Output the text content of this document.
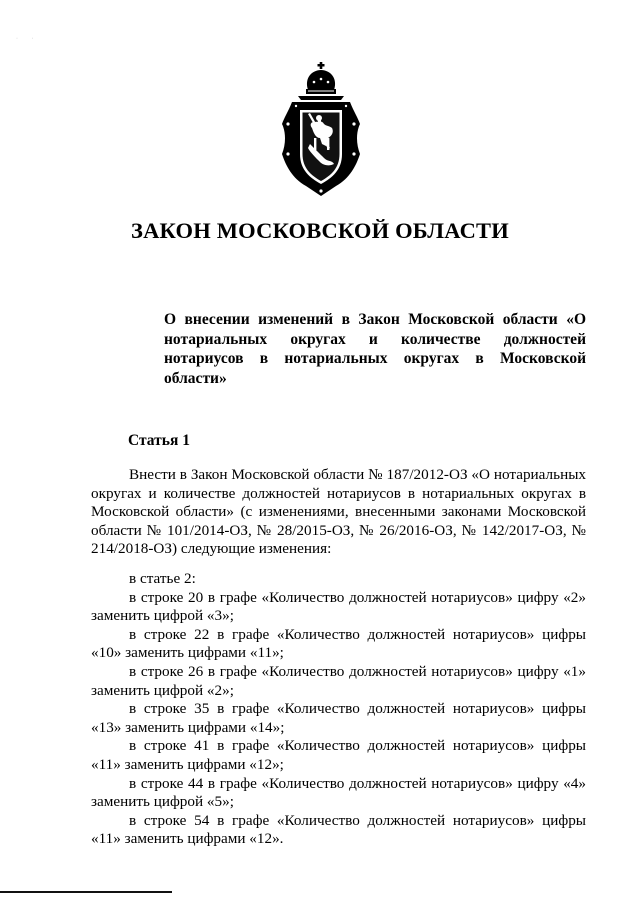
· ·
ЗАКОН МОСКОВСКОЙ ОБЛАСТИ
О внесении изменений в Закон Московской области «О нотариальных округах и количестве должностей нотариусов в нотариальных округах в Московской области»
Статья 1
Внести в Закон Московской области № 187/2012-ОЗ «О нотариальных округах и количестве должностей нотариусов в нотариальных округах в Московской области» (с изменениями, внесенными законами Московской области № 101/2014-ОЗ, № 28/2015-ОЗ, № 26/2016-ОЗ, № 142/2017-ОЗ, № 214/2018-ОЗ) следующие изменения:

в статье 2:

в строке 20 в графе «Количество должностей нотариусов» цифру «2» заменить цифрой «3»;

в строке 22 в графе «Количество должностей нотариусов» цифры «10» заменить цифрами «11»;

в строке 26 в графе «Количество должностей нотариусов» цифру «1» заменить цифрой «2»;

в строке 35 в графе «Количество должностей нотариусов» цифры «13» заменить цифрами «14»;

в строке 41 в графе «Количество должностей нотариусов» цифры «11» заменить цифрами «12»;

в строке 44 в графе «Количество должностей нотариусов» цифру «4» заменить цифрой «5»;

в строке 54 в графе «Количество должностей нотариусов» цифры «11» заменить цифрами «12».
